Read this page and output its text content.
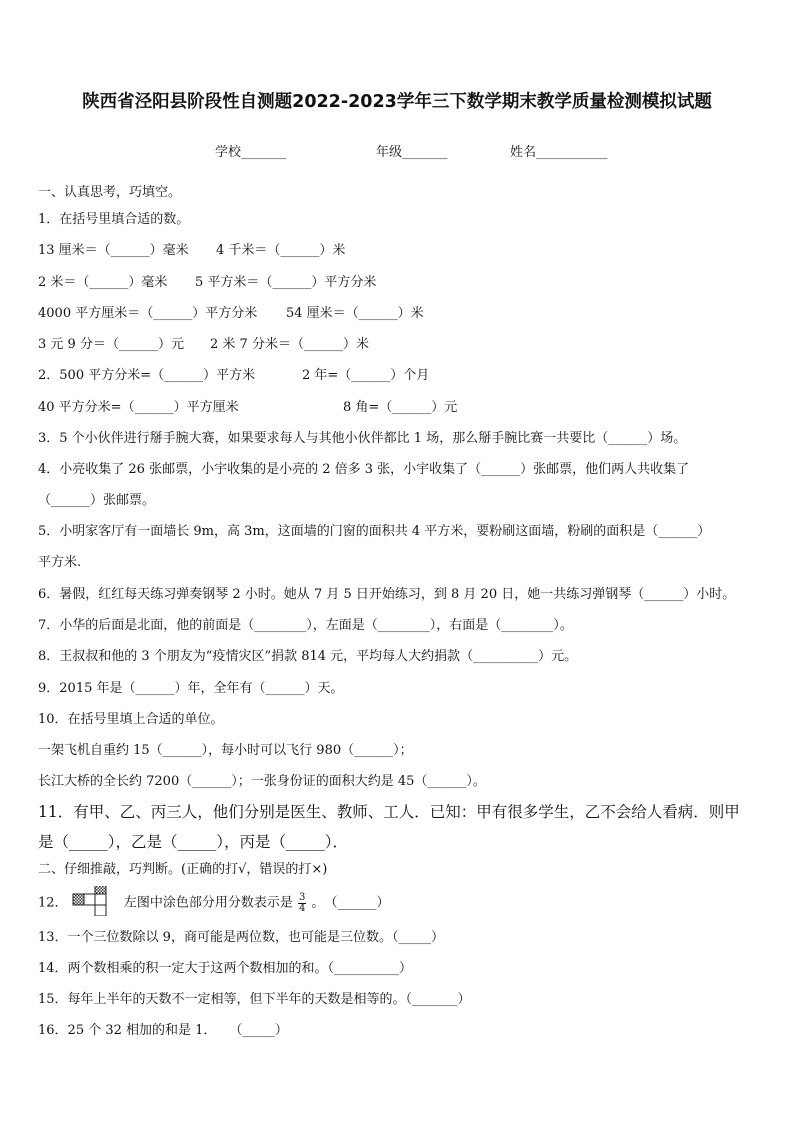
陕西省泾阳县阶段性自测题2022-2023学年三下数学期末教学质量检测模拟试题
学校_______	年级_______	姓名___________
一、认真思考，巧填空。
1．在括号里填合适的数。
13 厘米＝（______）毫米 4 千米＝（______）米
2 米＝（______）毫米 5 平方米＝（______）平方分米
4000 平方厘米＝（______）平方分米 54 厘米＝（______）米
3 元 9 分＝（______）元 2 米 7 分米＝（______）米
2．500 平方分米=（______）平方米	2 年=（______）个月
40 平方分米=（______）平方厘米	8 角=（______）元
3．5 个小伙伴进行掰手腕大赛，如果要求每人与其他小伙伴都比 1 场，那么掰手腕比赛一共要比（______）场。
4．小亮收集了 26 张邮票，小宇收集的是小亮的 2 倍多 3 张，小宇收集了（______）张邮票，他们两人共收集了
（______）张邮票。
5．小明家客厅有一面墙长 9m，高 3m，这面墙的门窗的面积共 4 平方米，要粉刷这面墙，粉刷的面积是（______）
平方米.
6．暑假，红红每天练习弹奏钢琴 2 小时。她从 7 月 5 日开始练习，到 8 月 20 日，她一共练习弹钢琴（______）小时。
7．小华的后面是北面，他的前面是（________），左面是（________），右面是（________）。
8．王叔叔和他的 3 个朋友为“疫情灾区”捐款 814 元，平均每人大约捐款（__________）元。
9．2015 年是（______）年，全年有（______）天。
10．在括号里填上合适的单位。
一架飞机自重约 15（______），每小时可以飞行 980（______）；
长江大桥的全长约 7200（______）；一张身份证的面积大约是 45（______）。
11．有甲、乙、丙三人，他们分别是医生、教师、工人．已知：甲有很多学生，乙不会给人看病．则甲
是（_____），乙是（_____），丙是（_____）．
二、仔细推敲，巧判断。(正确的打√，错误的打×)
12．	左图中涂色部分用分数表示是 $\frac{3}{4}$ 。　（______）
13．一个三位数除以 9，商可能是两位数，也可能是三位数。（_____）
14．两个数相乘的积一定大于这两个数相加的和。（__________）
15．每年上半年的天数不一定相等，但下半年的天数是相等的。（_______）
16．25 个 32 相加的和是 1．　　（_____）
